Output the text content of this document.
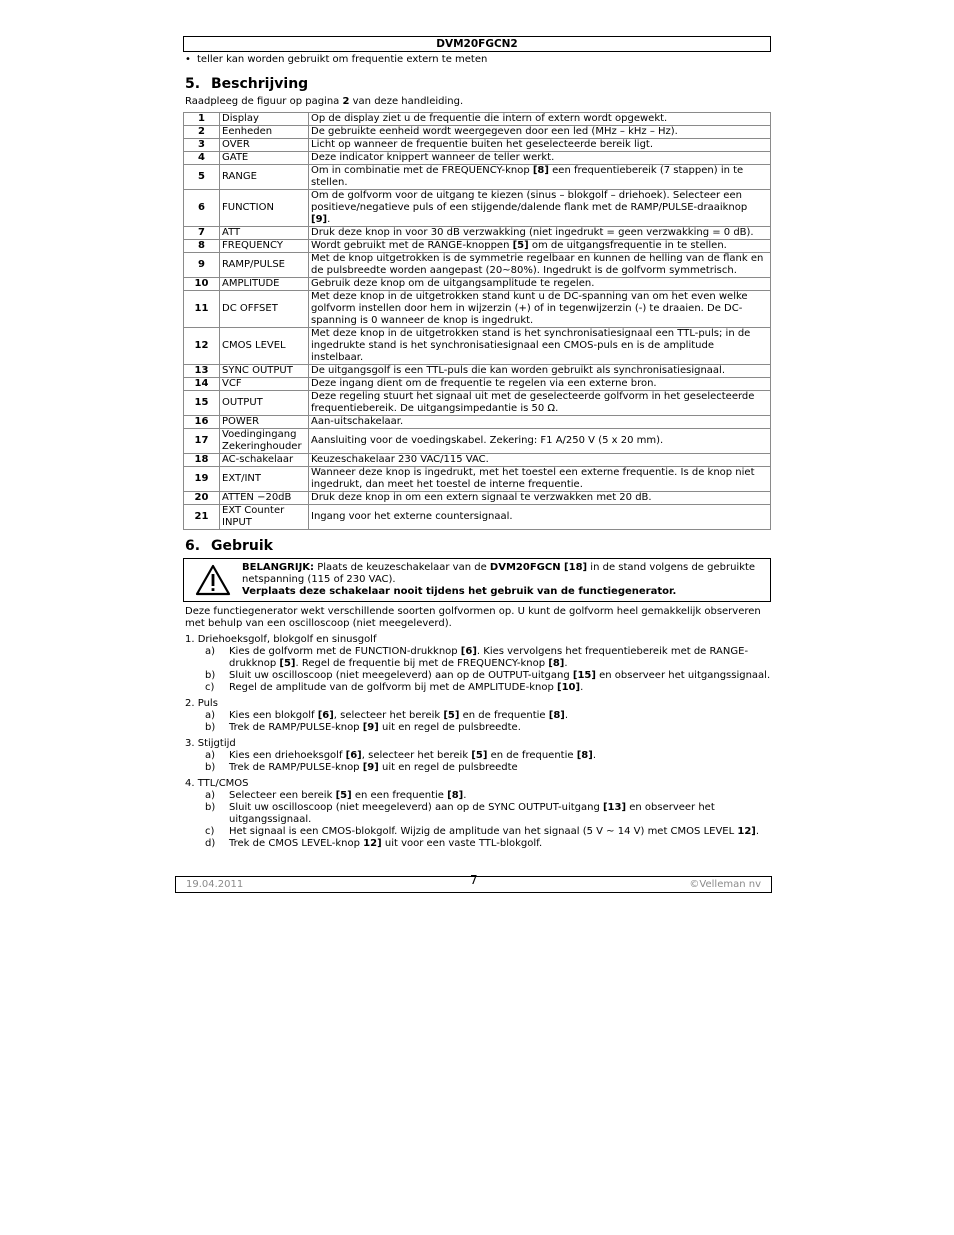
DVM20FGCN2
• teller kan worden gebruikt om frequentie extern te meten
5. Beschrijving
Raadpleeg de figuur op pagina 2 van deze handleiding.
1	Display	Op de display ziet u de frequentie die intern of extern wordt opgewekt.
2	Eenheden	De gebruikte eenheid wordt weergegeven door een led (MHz – kHz – Hz).
3	OVER	Licht op wanneer de frequentie buiten het geselecteerde bereik ligt.
4	GATE	Deze indicator knippert wanneer de teller werkt.
5	RANGE	Om in combinatie met de FREQUENCY-knop [8] een frequentiebereik (7 stappen) in te stellen.
6	FUNCTION	Om de golfvorm voor de uitgang te kiezen (sinus – blokgolf – driehoek). Selecteer een positieve/negatieve puls of een stijgende/dalende flank met de RAMP/PULSE-draaiknop [9].
7	ATT	Druk deze knop in voor 30 dB verzwakking (niet ingedrukt = geen verzwakking = 0 dB).
8	FREQUENCY	Wordt gebruikt met de RANGE-knoppen [5] om de uitgangsfrequentie in te stellen.
9	RAMP/PULSE	Met de knop uitgetrokken is de symmetrie regelbaar en kunnen de helling van de flank en de pulsbreedte worden aangepast (20~80%). Ingedrukt is de golfvorm symmetrisch.
10	AMPLITUDE	Gebruik deze knop om de uitgangsamplitude te regelen.
11	DC OFFSET	Met deze knop in de uitgetrokken stand kunt u de DC-spanning van om het even welke golfvorm instellen door hem in wijzerzin (+) of in tegenwijzerzin (-) te draaien. De DC-spanning is 0 wanneer de knop is ingedrukt.
12	CMOS LEVEL	Met deze knop in de uitgetrokken stand is het synchronisatiesignaal een TTL-puls; in de ingedrukte stand is het synchronisatiesignaal een CMOS-puls en is de amplitude instelbaar.
13	SYNC OUTPUT	De uitgangsgolf is een TTL-puls die kan worden gebruikt als synchronisatiesignaal.
14	VCF	Deze ingang dient om de frequentie te regelen via een externe bron.
15	OUTPUT	Deze regeling stuurt het signaal uit met de geselecteerde golfvorm in het geselecteerde frequentiebereik. De uitgangsimpedantie is 50 Ω.
16	POWER	Aan-uitschakelaar.
17	Voedingingang Zekeringhouder	Aansluiting voor de voedingskabel. Zekering: F1 A/250 V (5 x 20 mm).
18	AC-schakelaar	Keuzeschakelaar 230 VAC/115 VAC.
19	EXT/INT	Wanneer deze knop is ingedrukt, met het toestel een externe frequentie. Is de knop niet ingedrukt, dan meet het toestel de interne frequentie.
20	ATTEN −20dB	Druk deze knop in om een extern signaal te verzwakken met 20 dB.
21	EXT Counter INPUT	Ingang voor het externe countersignaal.
6. Gebruik
BELANGRIJK: Plaats de keuzeschakelaar van de DVM20FGCN [18] in de stand volgens de gebruikte netspanning (115 of 230 VAC).
Verplaats deze schakelaar nooit tijdens het gebruik van de functiegenerator.

Deze functiegenerator wekt verschillende soorten golfvormen op. U kunt de golfvorm heel gemakkelijk observeren met behulp van een oscilloscoop (niet meegeleverd).

1. Driehoeksgolf, blokgolf en sinusgolf
a)	Kies de golfvorm met de FUNCTION-drukknop [6]. Kies vervolgens het frequentiebereik met de RANGE-drukknop [5]. Regel de frequentie bij met de FREQUENCY-knop [8].
b)	Sluit uw oscilloscoop (niet meegeleverd) aan op de OUTPUT-uitgang [15] en observeer het uitgangssignaal.
c)	Regel de amplitude van de golfvorm bij met de AMPLITUDE-knop [10].
2. Puls
a)	Kies een blokgolf [6], selecteer het bereik [5] en de frequentie [8].
b)	Trek de RAMP/PULSE-knop [9] uit en regel de pulsbreedte.
3. Stijgtijd
a)	Kies een driehoeksgolf [6], selecteer het bereik [5] en de frequentie [8].
b)	Trek de RAMP/PULSE-knop [9] uit en regel de pulsbreedte
4. TTL/CMOS
a)	Selecteer een bereik [5] en een frequentie [8].
b)	Sluit uw oscilloscoop (niet meegeleverd) aan op de SYNC OUTPUT-uitgang [13] en observeer het uitgangssignaal.
c)	Het signaal is een CMOS-blokgolf. Wijzig de amplitude van het signaal (5 V ~ 14 V) met CMOS LEVEL 12].
d)	Trek de CMOS LEVEL-knop 12] uit voor een vaste TTL-blokgolf.
19.04.2011	7	©Velleman nv
